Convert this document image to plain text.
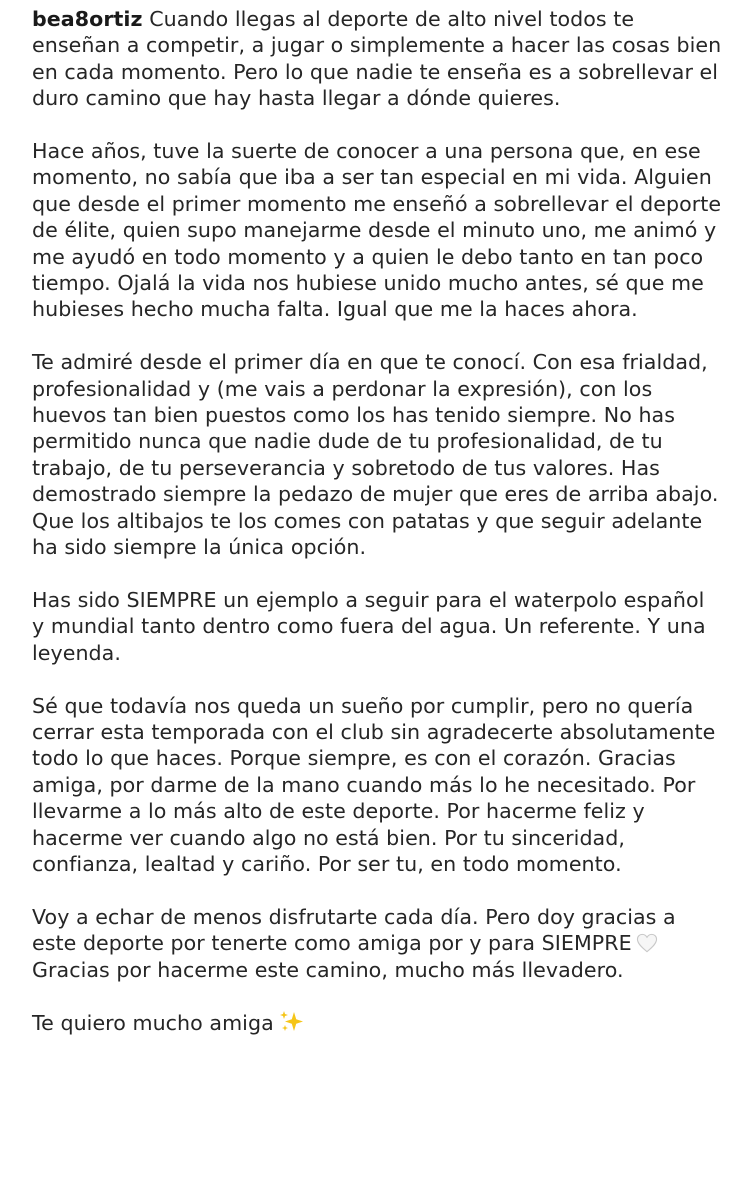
bea8ortiz Cuando llegas al deporte de alto nivel todos te enseñan a competir, a jugar o simplemente a hacer las cosas bien en cada momento. Pero lo que nadie te enseña es a sobrellevar el duro camino que hay hasta llegar a dónde quieres.

Hace años, tuve la suerte de conocer a una persona que, en ese momento, no sabía que iba a ser tan especial en mi vida. Alguien que desde el primer momento me enseñó a sobrellevar el deporte de élite, quien supo manejarme desde el minuto uno, me animó y me ayudó en todo momento y a quien le debo tanto en tan poco tiempo. Ojalá la vida nos hubiese unido mucho antes, sé que me hubieses hecho mucha falta. Igual que me la haces ahora.

Te admiré desde el primer día en que te conocí. Con esa frialdad, profesionalidad y (me vais a perdonar la expresión), con los huevos tan bien puestos como los has tenido siempre. No has permitido nunca que nadie dude de tu profesionalidad, de tu trabajo, de tu perseverancia y sobretodo de tus valores. Has demostrado siempre la pedazo de mujer que eres de arriba abajo. Que los altibajos te los comes con patatas y que seguir adelante ha sido siempre la única opción.

Has sido SIEMPRE un ejemplo a seguir para el waterpolo español y mundial tanto dentro como fuera del agua. Un referente. Y una leyenda.

Sé que todavía nos queda un sueño por cumplir, pero no quería cerrar esta temporada con el club sin agradecerte absolutamente todo lo que haces. Porque siempre, es con el corazón. Gracias amiga, por darme de la mano cuando más lo he necesitado. Por llevarme a lo más alto de este deporte. Por hacerme feliz y hacerme ver cuando algo no está bien. Por tu sinceridad, confianza, lealtad y cariño. Por ser tu, en todo momento.

Voy a echar de menos disfrutarte cada día. Pero doy gracias a este deporte por tenerte como amiga por y para SIEMPRE
Gracias por hacerme este camino, mucho más llevadero.

Te quiero mucho amiga
